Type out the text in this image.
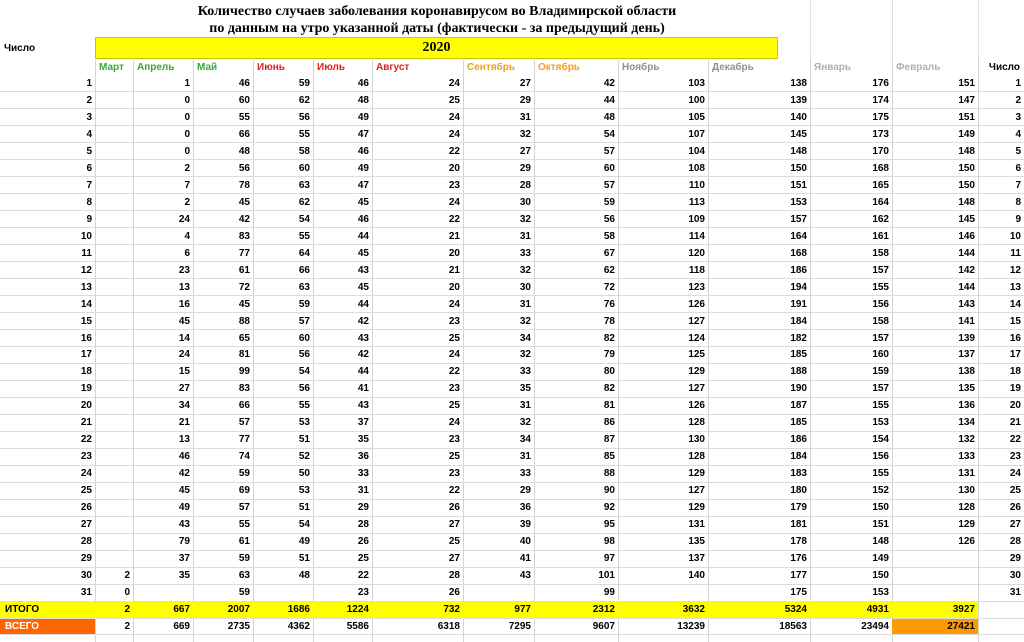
Количество случаев заболевания коронавирусом во Владимирской области
по данным на утро указанной даты (фактически - за предыдущий день)
Число	2020
Март	Апрель	Май	Июнь	Июль	Август	Сентябрь	Октябрь	Ноябрь	Декабрь	Январь	Февраль	Число
1		1	46	59	46	24	27	42	103	138	176	151	1
2		0	60	62	48	25	29	44	100	139	174	147	2
3		0	55	56	49	24	31	48	105	140	175	151	3
4		0	66	55	47	24	32	54	107	145	173	149	4
5		0	48	58	46	22	27	57	104	148	170	148	5
6		2	56	60	49	20	29	60	108	150	168	150	6
7		7	78	63	47	23	28	57	110	151	165	150	7
8		2	45	62	45	24	30	59	113	153	164	148	8
9		24	42	54	46	22	32	56	109	157	162	145	9
10		4	83	55	44	21	31	58	114	164	161	146	10
11		6	77	64	45	20	33	67	120	168	158	144	11
12		23	61	66	43	21	32	62	118	186	157	142	12
13		13	72	63	45	20	30	72	123	194	155	144	13
14		16	45	59	44	24	31	76	126	191	156	143	14
15		45	88	57	42	23	32	78	127	184	158	141	15
16		14	65	60	43	25	34	82	124	182	157	139	16
17		24	81	56	42	24	32	79	125	185	160	137	17
18		15	99	54	44	22	33	80	129	188	159	138	18
19		27	83	56	41	23	35	82	127	190	157	135	19
20		34	66	55	43	25	31	81	126	187	155	136	20
21		21	57	53	37	24	32	86	128	185	153	134	21
22		13	77	51	35	23	34	87	130	186	154	132	22
23		46	74	52	36	25	31	85	128	184	156	133	23
24		42	59	50	33	23	33	88	129	183	155	131	24
25		45	69	53	31	22	29	90	127	180	152	130	25
26		49	57	51	29	26	36	92	129	179	150	128	26
27		43	55	54	28	27	39	95	131	181	151	129	27
28		79	61	49	26	25	40	98	135	178	148	126	28
29		37	59	51	25	27	41	97	137	176	149		29
30	2	35	63	48	22	28	43	101	140	177	150		30
31	0		59		23	26		99		175	153		31
ИТОГО	2	667	2007	1686	1224	732	977	2312	3632	5324	4931	3927	
ВСЕГО	2	669	2735	4362	5586	6318	7295	9607	13239	18563	23494	27421	
